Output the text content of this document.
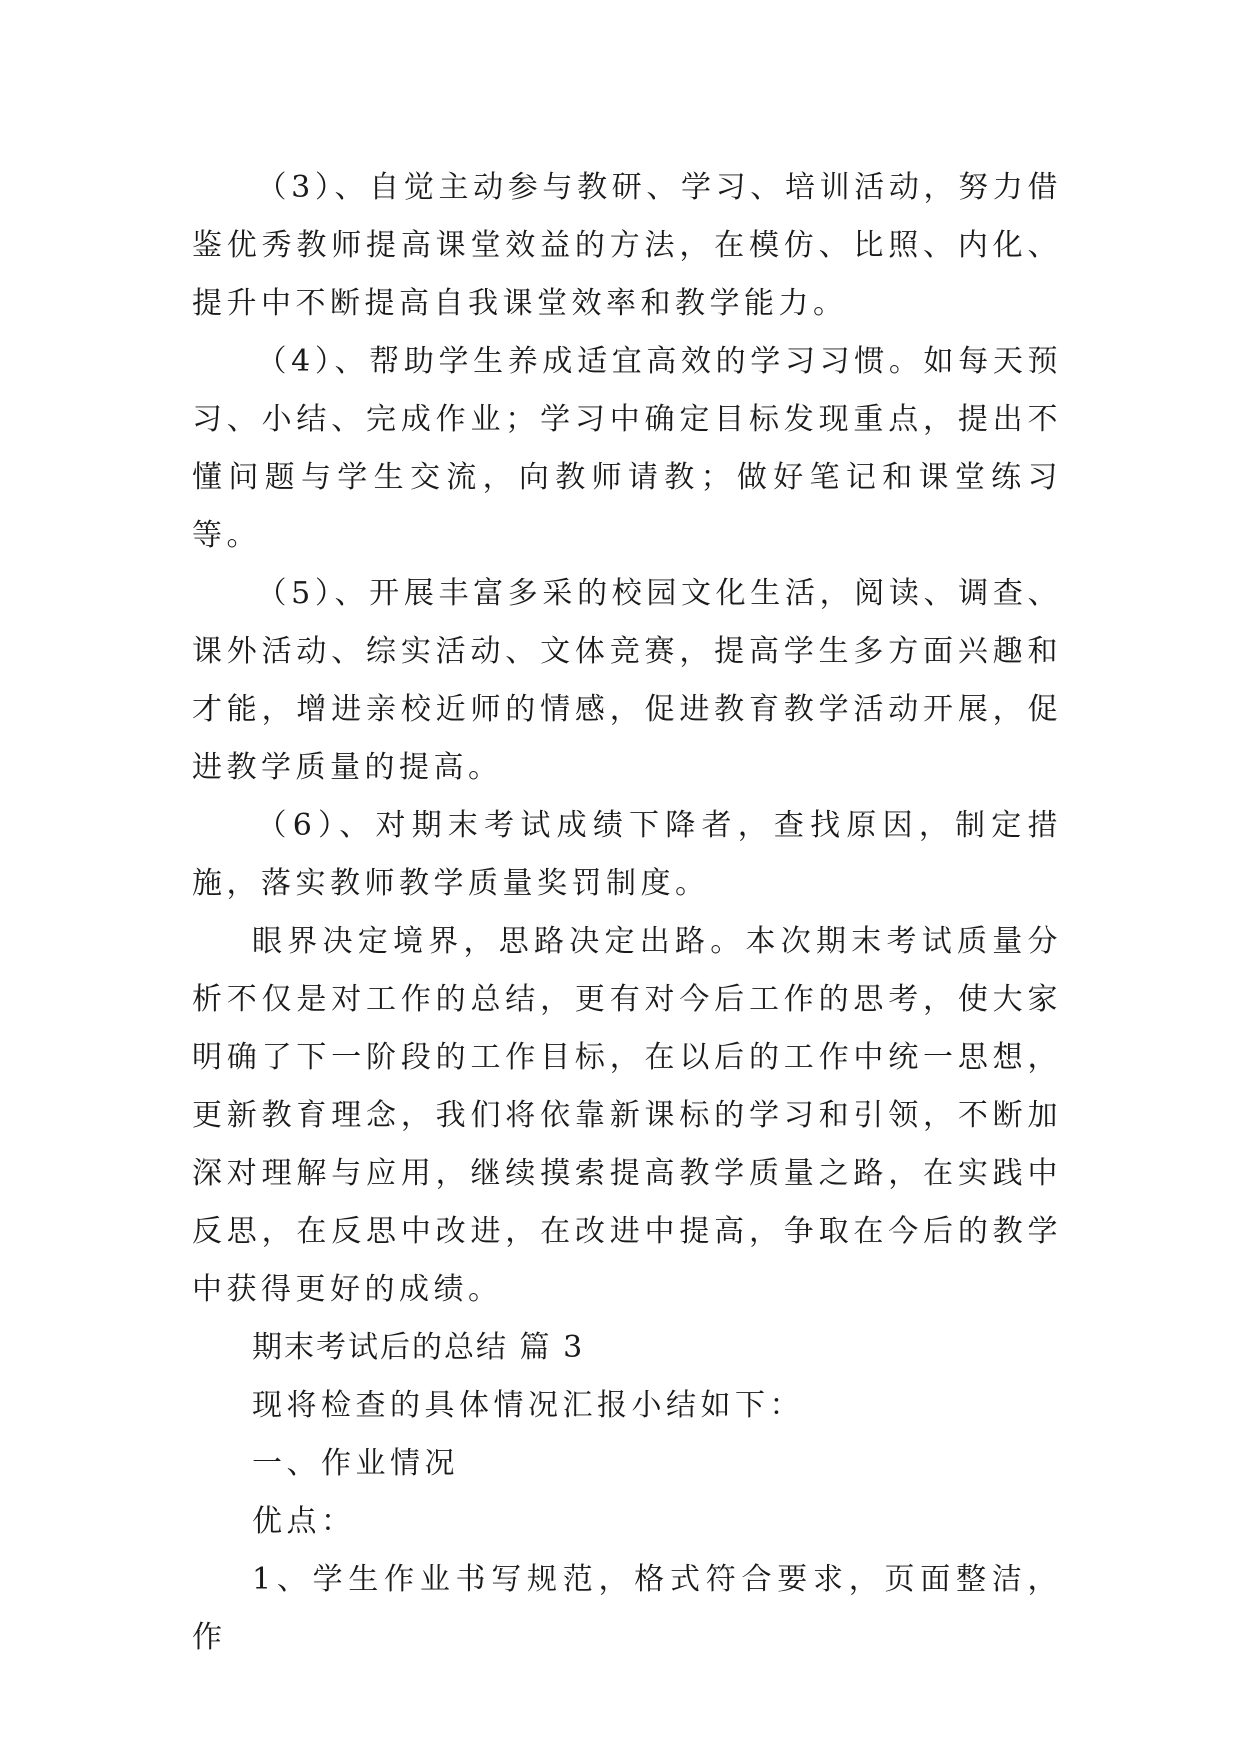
（3）、自觉主动参与教研、学习、培训活动，努力借鉴优秀教师提高课堂效益的方法，在模仿、比照、内化、提升中不断提高自我课堂效率和教学能力。

（4）、帮助学生养成适宜高效的学习习惯。如每天预习、小结、完成作业；学习中确定目标发现重点，提出不懂问题与学生交流，向教师请教；做好笔记和课堂练习等。

（5）、开展丰富多采的校园文化生活，阅读、调查、课外活动、综实活动、文体竞赛，提高学生多方面兴趣和才能，增进亲校近师的情感，促进教育教学活动开展，促进教学质量的提高。

（6）、对期末考试成绩下降者，查找原因，制定措施，落实教师教学质量奖罚制度。

眼界决定境界，思路决定出路。本次期末考试质量分析不仅是对工作的总结，更有对今后工作的思考，使大家明确了下一阶段的工作目标，在以后的工作中统一思想，更新教育理念，我们将依靠新课标的学习和引领，不断加深对理解与应用，继续摸索提高教学质量之路，在实践中反思，在反思中改进，在改进中提高，争取在今后的教学中获得更好的成绩。

期末考试后的总结 篇 3

现将检查的具体情况汇报小结如下：

一、作业情况

优点：

1、学生作业书写规范，格式符合要求，页面整洁，作
